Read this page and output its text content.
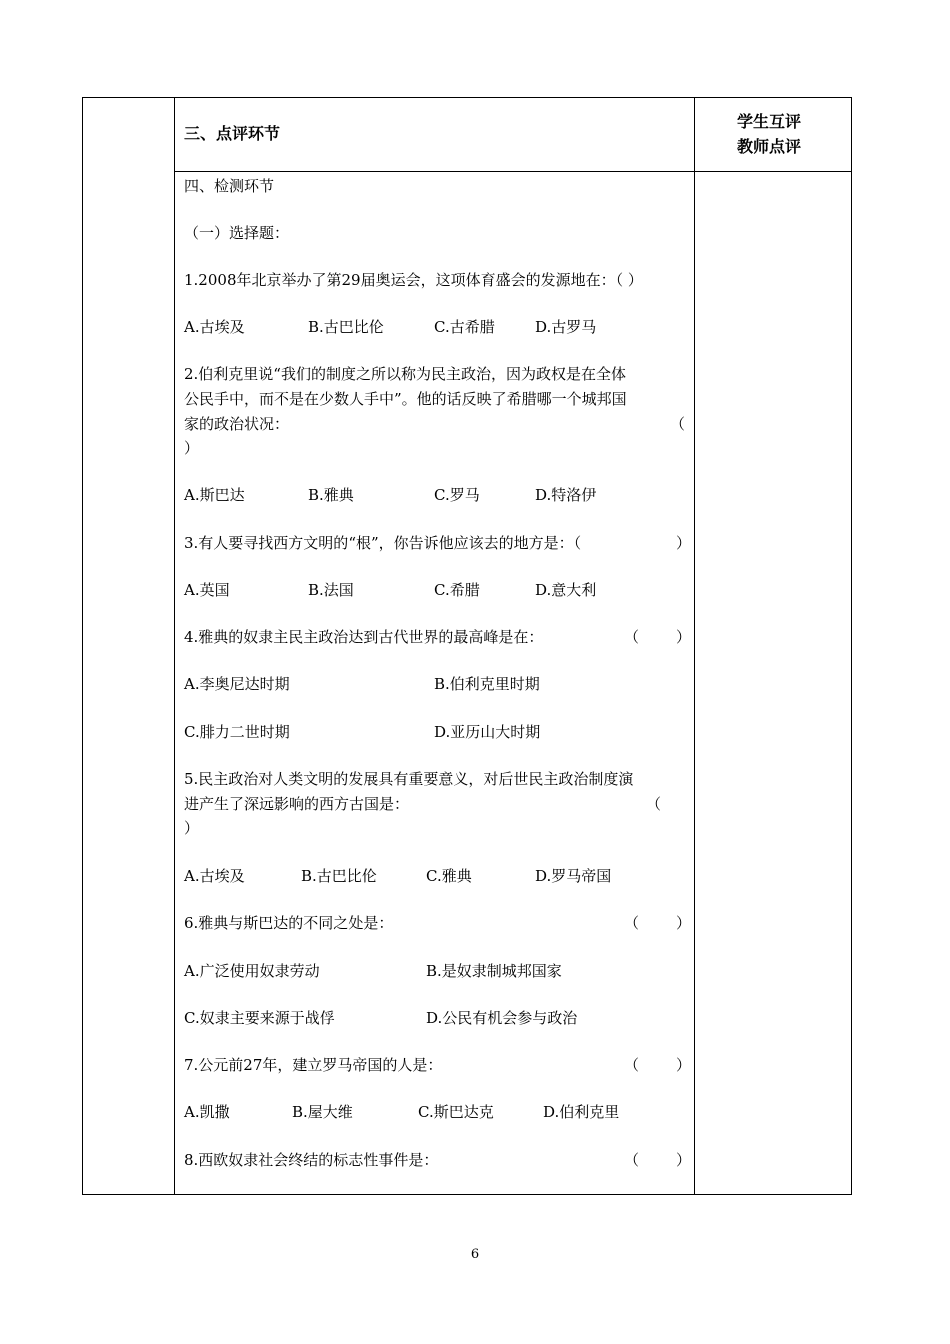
三、点评环节
学生互评
教师点评
四、检测环节
（一）选择题：
1.2008年北京举办了第29届奥运会，这项体育盛会的发源地在：（ ）
A.古埃及	B.古巴比伦	C.古希腊	D.古罗马
2.伯利克里说“我们的制度之所以称为民主政治，因为政权是在全体
公民手中，而不是在少数人手中”。他的话反映了希腊哪一个城邦国
家的政治状况：	（
）
A.斯巴达	B.雅典	C.罗马	D.特洛伊
3.有人要寻找西方文明的“根”，你告诉他应该去的地方是：（	）
A.英国	B.法国	C.希腊	D.意大利
4.雅典的奴隶主民主政治达到古代世界的最高峰是在：	（ ）
A.李奥尼达时期	B.伯利克里时期
C.腓力二世时期	D.亚历山大时期
5.民主政治对人类文明的发展具有重要意义，对后世民主政治制度演
进产生了深远影响的西方古国是：	（
）
A.古埃及	B.古巴比伦	C.雅典	D.罗马帝国
6.雅典与斯巴达的不同之处是：	（ ）
A.广泛使用奴隶劳动	B.是奴隶制城邦国家
C.奴隶主要来源于战俘	D.公民有机会参与政治
7.公元前27年，建立罗马帝国的人是：	（ ）
A.凯撒	B.屋大维	C.斯巴达克	D.伯利克里
8.西欧奴隶社会终结的标志性事件是：	（ ）
6
